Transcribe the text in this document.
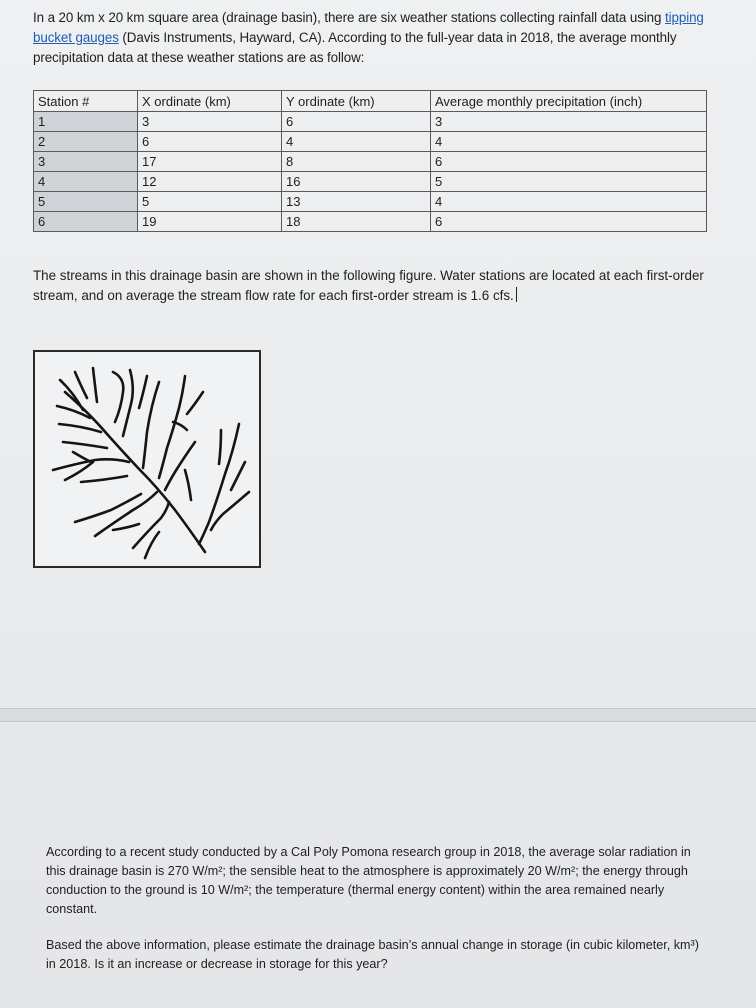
In a 20 km x 20 km square area (drainage basin), there are six weather stations collecting rainfall data using tipping bucket gauges (Davis Instruments, Hayward, CA). According to the full-year data in 2018, the average monthly precipitation data at these weather stations are as follow:
Station #	X ordinate (km)	Y ordinate (km)	Average monthly precipitation (inch)
1	3	6	3
2	6	4	4
3	17	8	6
4	12	16	5
5	5	13	4
6	19	18	6
The streams in this drainage basin are shown in the following figure. Water stations are located at each first-order stream, and on average the stream flow rate for each first-order stream is 1.6 cfs.
According to a recent study conducted by a Cal Poly Pomona research group in 2018, the average solar radiation in this drainage basin is 270 W/m²; the sensible heat to the atmosphere is approximately 20 W/m²; the energy through conduction to the ground is 10 W/m²; the temperature (thermal energy content) within the area remained nearly constant.
Based the above information, please estimate the drainage basin’s annual change in storage (in cubic kilometer, km³) in 2018. Is it an increase or decrease in storage for this year?
